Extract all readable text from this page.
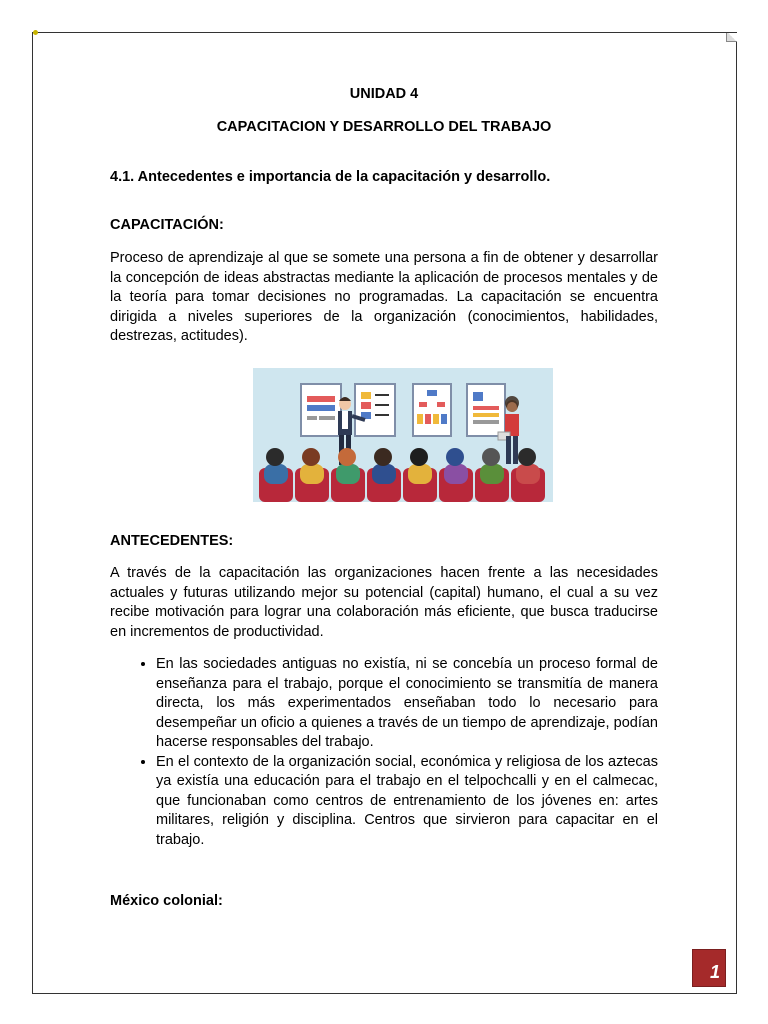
UNIDAD 4
CAPACITACION Y DESARROLLO DEL TRABAJO
4.1. Antecedentes e importancia de la capacitación y desarrollo.
CAPACITACIÓN:

Proceso de aprendizaje al que se somete una persona a fin de obtener y desarrollar la concepción de ideas abstractas mediante la aplicación de procesos mentales y de la teoría para tomar decisiones no programadas. La capacitación se encuentra dirigida a niveles superiores de la organización (conocimientos, habilidades, destrezas, actitudes).

ANTECEDENTES:

A través de la capacitación las organizaciones hacen frente a las necesidades actuales y futuras utilizando mejor su potencial (capital) humano, el cual a su vez recibe motivación para lograr una colaboración más eficiente, que busca traducirse en incrementos de productividad.

• En las sociedades antiguas no existía, ni se concebía un proceso formal de enseñanza para el trabajo, porque el conocimiento se transmitía de manera directa, los más experimentados enseñaban todo lo necesario para desempeñar un oficio a quienes a través de un tiempo de aprendizaje, podían hacerse responsables del trabajo.
• En el contexto de la organización social, económica y religiosa de los aztecas ya existía una educación para el trabajo en el telpochcalli y en el calmecac, que funcionaban como centros de entrenamiento de los jóvenes en: artes militares, religión y disciplina. Centros que sirvieron para capacitar en el trabajo.
México colonial:
1
